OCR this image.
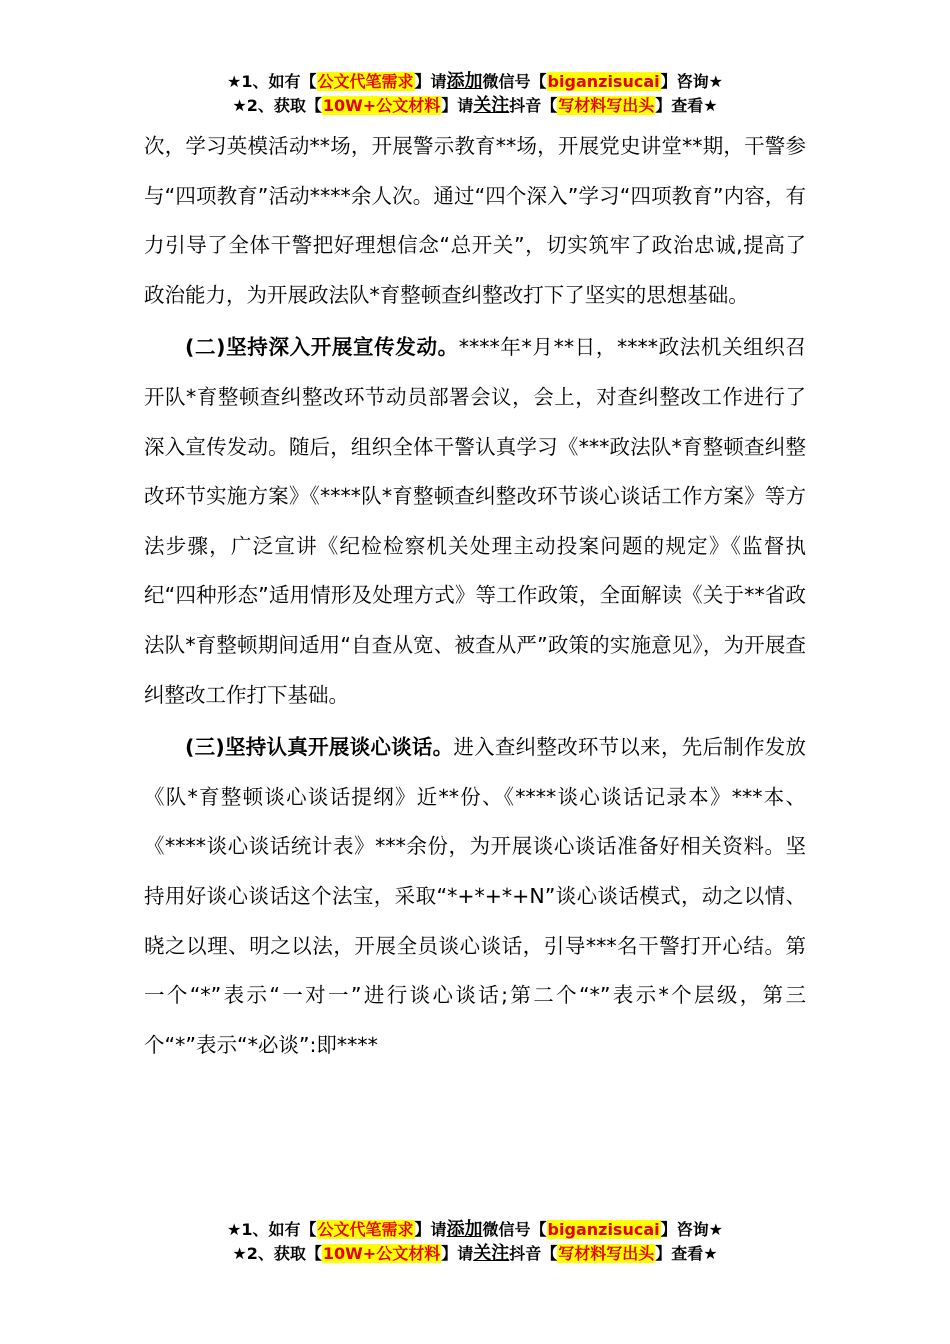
★1、如有【公文代笔需求】请添加微信号【biganzisucai】咨询★
★2、获取【10W+公文材料】请关注抖音【写材料写出头】查看★

次，学习英模活动**场，开展警示教育**场，开展党史讲堂**期，干警参与“四项教育”活动****余人次。通过“四个深入”学习“四项教育”内容，有力引导了全体干警把好理想信念“总开关”，切实筑牢了政治忠诚,提高了政治能力，为开展政法队*育整顿查纠整改打下了坚实的思想基础。

(二)坚持深入开展宣传发动。****年*月**日，****政法机关组织召开队*育整顿查纠整改环节动员部署会议，会上，对查纠整改工作进行了深入宣传发动。随后，组织全体干警认真学习《***政法队*育整顿查纠整改环节实施方案》《****队*育整顿查纠整改环节谈心谈话工作方案》等方法步骤，广泛宣讲《纪检检察机关处理主动投案问题的规定》《监督执纪“四种形态”适用情形及处理方式》等工作政策，全面解读《关于**省政法队*育整顿期间适用“自查从宽、被查从严”政策的实施意见》，为开展查纠整改工作打下基础。

(三)坚持认真开展谈心谈话。进入查纠整改环节以来，先后制作发放《队*育整顿谈心谈话提纲》近**份、《****谈心谈话记录本》***本、《****谈心谈话统计表》***余份，为开展谈心谈话准备好相关资料。坚持用好谈心谈话这个法宝，采取“*+*+*+N”谈心谈话模式，动之以情、晓之以理、明之以法，开展全员谈心谈话，引导***名干警打开心结。第一个“*”表示“一对一”进行谈心谈话;第二个“*”表示*个层级，第三个“*”表示“*必谈”:即****

★1、如有【公文代笔需求】请添加微信号【biganzisucai】咨询★
★2、获取【10W+公文材料】请关注抖音【写材料写出头】查看★
